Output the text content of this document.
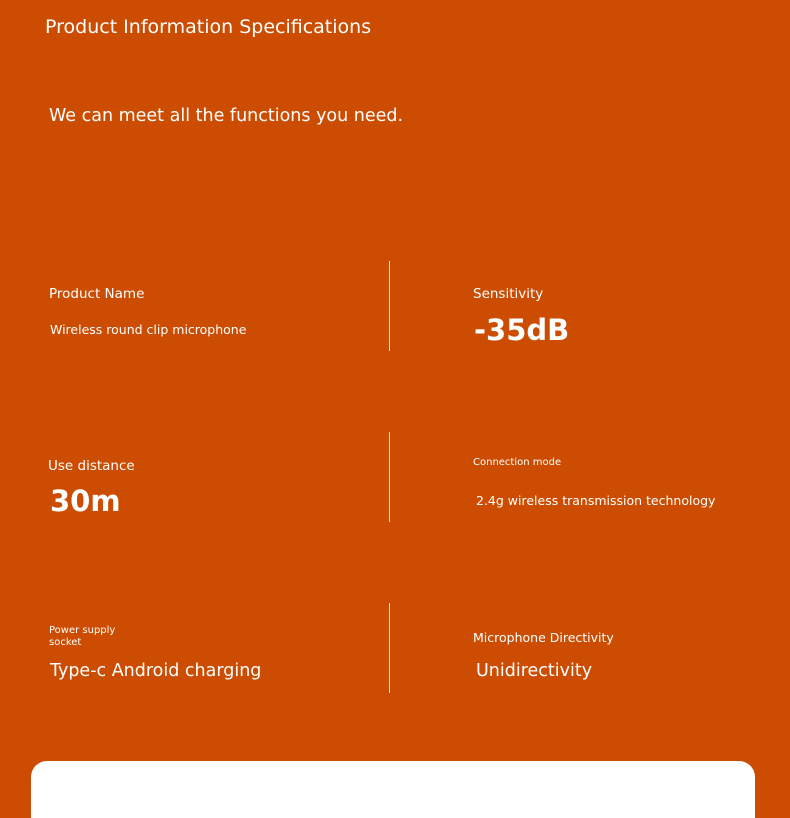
Product Information Specifications
We can meet all the functions you need.
Product Name
Wireless round clip microphone
Sensitivity
-35dB
Use distance
30m
Connection mode
2.4g wireless transmission technology
Power supply socket
Type-c Android charging
Microphone Directivity
Unidirectivity
